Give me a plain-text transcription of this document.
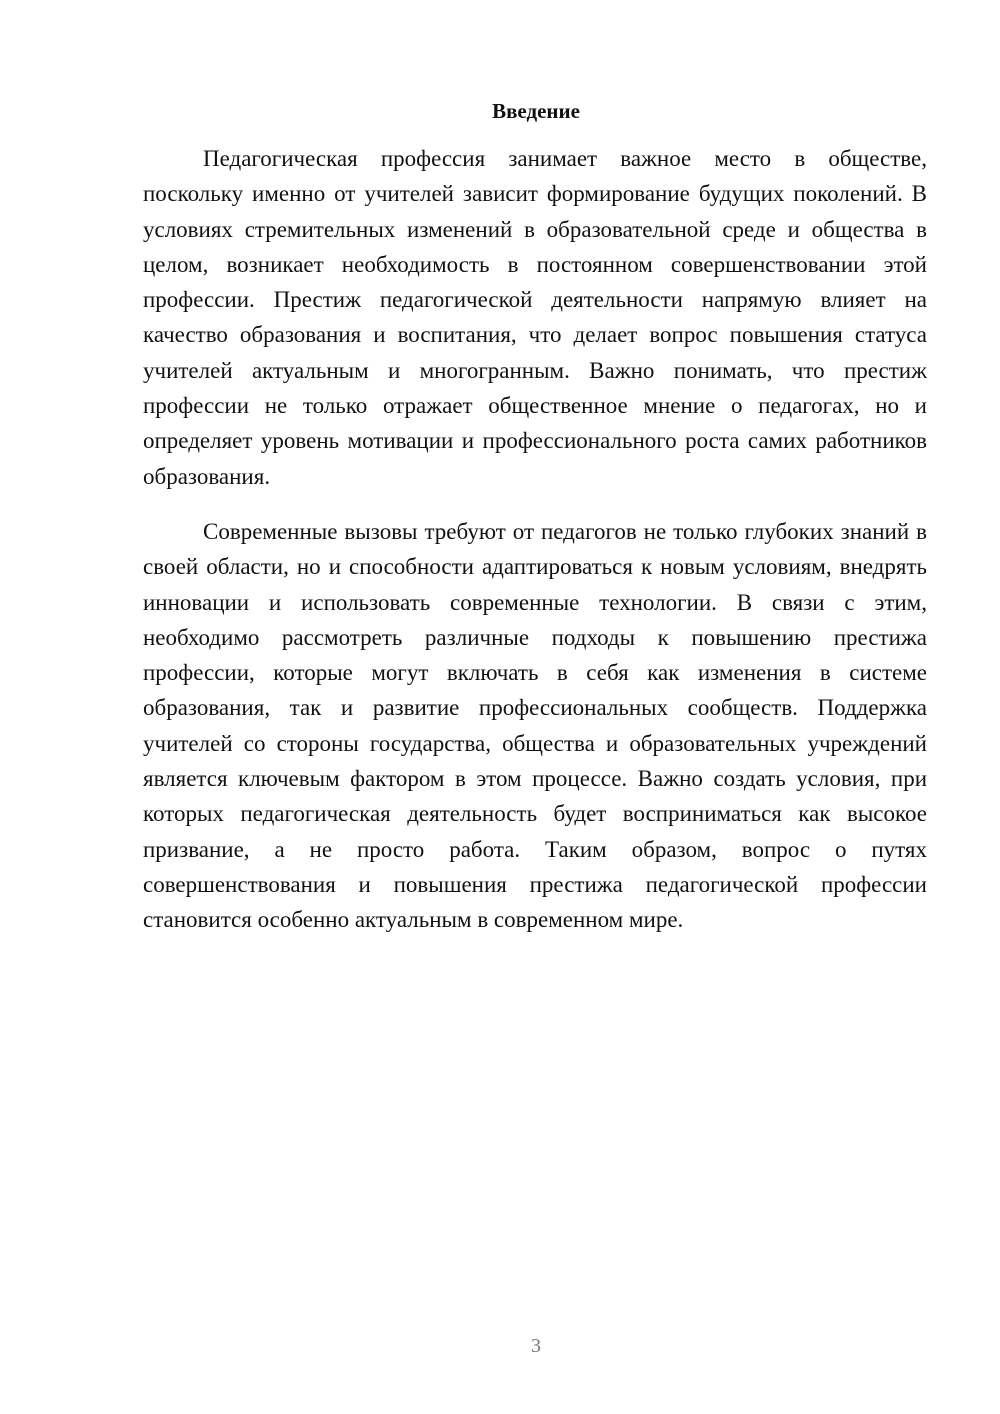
Введение

Педагогическая профессия занимает важное место в обществе, поскольку именно от учителей зависит формирование будущих поколений. В условиях стремительных изменений в образовательной среде и общества в целом, возникает необходимость в постоянном совершенствовании этой профессии. Престиж педагогической деятельности напрямую влияет на качество образования и воспитания, что делает вопрос повышения статуса учителей актуальным и многогранным. Важно понимать, что престиж профессии не только отражает общественное мнение о педагогах, но и определяет уровень мотивации и профессионального роста самих работников образования.

Современные вызовы требуют от педагогов не только глубоких знаний в своей области, но и способности адаптироваться к новым условиям, внедрять инновации и использовать современные технологии. В связи с этим, необходимо рассмотреть различные подходы к повышению престижа профессии, которые могут включать в себя как изменения в системе образования, так и развитие профессиональных сообществ. Поддержка учителей со стороны государства, общества и образовательных учреждений является ключевым фактором в этом процессе. Важно создать условия, при которых педагогическая деятельность будет восприниматься как высокое призвание, а не просто работа. Таким образом, вопрос о путях совершенствования и повышения престижа педагогической профессии становится особенно актуальным в современном мире.

3
